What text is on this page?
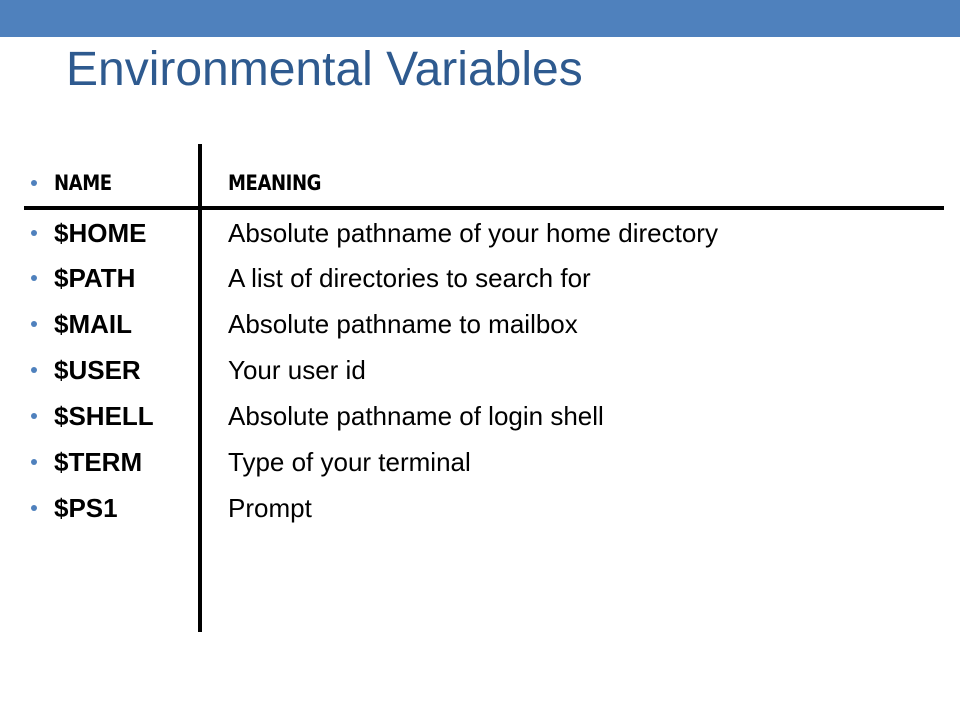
Environmental Variables
NAME	MEANING
$HOME	Absolute pathname of your home directory
$PATH	A list of directories to search for
$MAIL	Absolute pathname to mailbox
$USER	Your user id
$SHELL	Absolute pathname of login shell
$TERM	Type of your terminal
$PS1	Prompt
